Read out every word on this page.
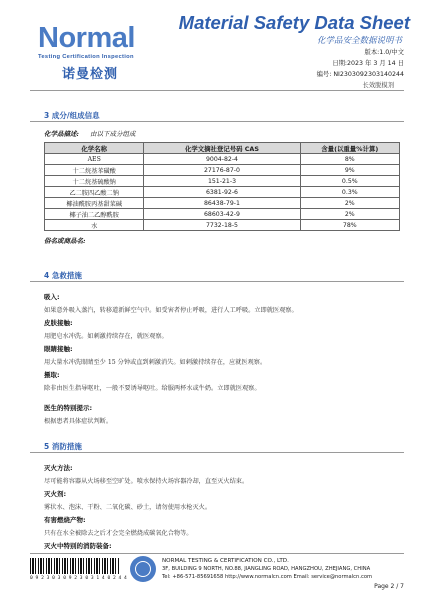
Normal
Testing Certification Inspection
诺曼检测
Material Safety Data Sheet
化学品安全数据说明书
版本:1.0/中文
日期:2023 年 3 月 14 日
编号: NI2303092303140244
长效脱模剂
3 成分/组成信息
化学品描述: 由以下成分组成
化学名称	化学文摘社登记号码 CAS	含量(以重量%计算)
AES	9004-82-4	8%
十二烷基苯磺酸	27176-87-0	9%
十二烷基硫酸钠	151-21-3	0.5%
乙二胺四乙酸二钠	6381-92-6	0.3%
椰油酰胺丙基甜菜碱	86438-79-1	2%
椰子油二乙醇酰胺	68603-42-9	2%
水	7732-18-5	78%
俗名或商品名:
4 急救措施
吸入:
如果意外吸入蒸汽，转移道新鲜空气中。如受害者停止呼吸，进行人工呼吸。立即就医观察。
皮肤接触:
用肥皂水冲洗。如刺激持续存在，就医观察。
眼睛接触:
用大量水冲洗眼睛至少 15 分钟或直到刺激消失。如刺激持续存在，应就医观察。
摄取:
除非由医生指导呕吐，一般不要诱导呕吐。给服两杯水或牛奶。立即就医观察。
医生的特别提示:
根据患者具体症状判断。
5 消防措施
灭火方法:
尽可能将容器从火场移至空旷处。喷水保持火场容器冷却，直至灭火结束。
灭火剂:
雾状水、泡沫、干粉、二氧化碳、砂土，请勿使用水枪灭火。
有害燃烧产物:
只有在水全被除去之后才会完全燃烧成碳氧化合物等。
灭火中特别的消防装备:
0 9 2 3 0 3 0 9 2 3 0 3 1 4 0 2 4 4
NORMAL TESTING & CERTIFICATION CO., LTD.
3F, BUILDING 9 NORTH, NO.88, JIANGLING ROAD, HANGZHOU, ZHEJIANG, CHINA
Tel: +86-571-85691658 http://www.normalcn.com Email: service@normalcn.com
Page 2 / 7
